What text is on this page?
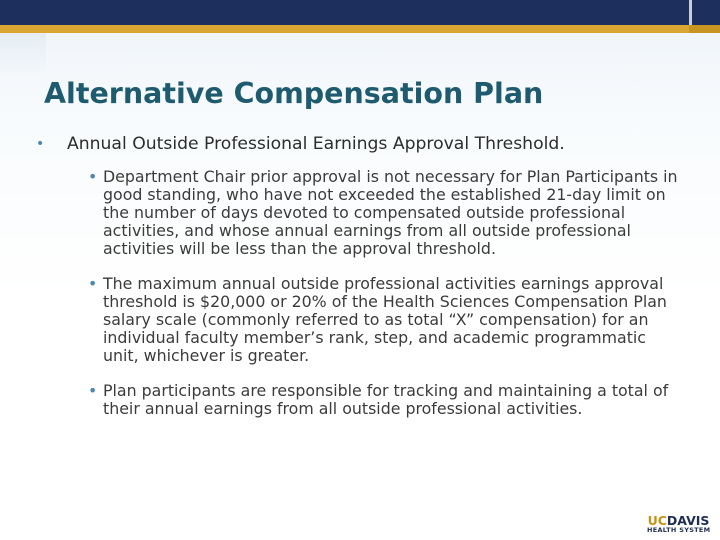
Alternative Compensation Plan
• Annual Outside Professional Earnings Approval Threshold.
• Department Chair prior approval is not necessary for Plan Participants in good standing, who have not exceeded the established 21-day limit on the number of days devoted to compensated outside professional activities, and whose annual earnings from all outside professional activities will be less than the approval threshold.
• The maximum annual outside professional activities earnings approval threshold is $20,000 or 20% of the Health Sciences Compensation Plan salary scale (commonly referred to as total “X” compensation) for an individual faculty member’s rank, step, and academic programmatic unit, whichever is greater.
• Plan participants are responsible for tracking and maintaining a total of their annual earnings from all outside professional activities.
UCDAVIS
HEALTH SYSTEM
